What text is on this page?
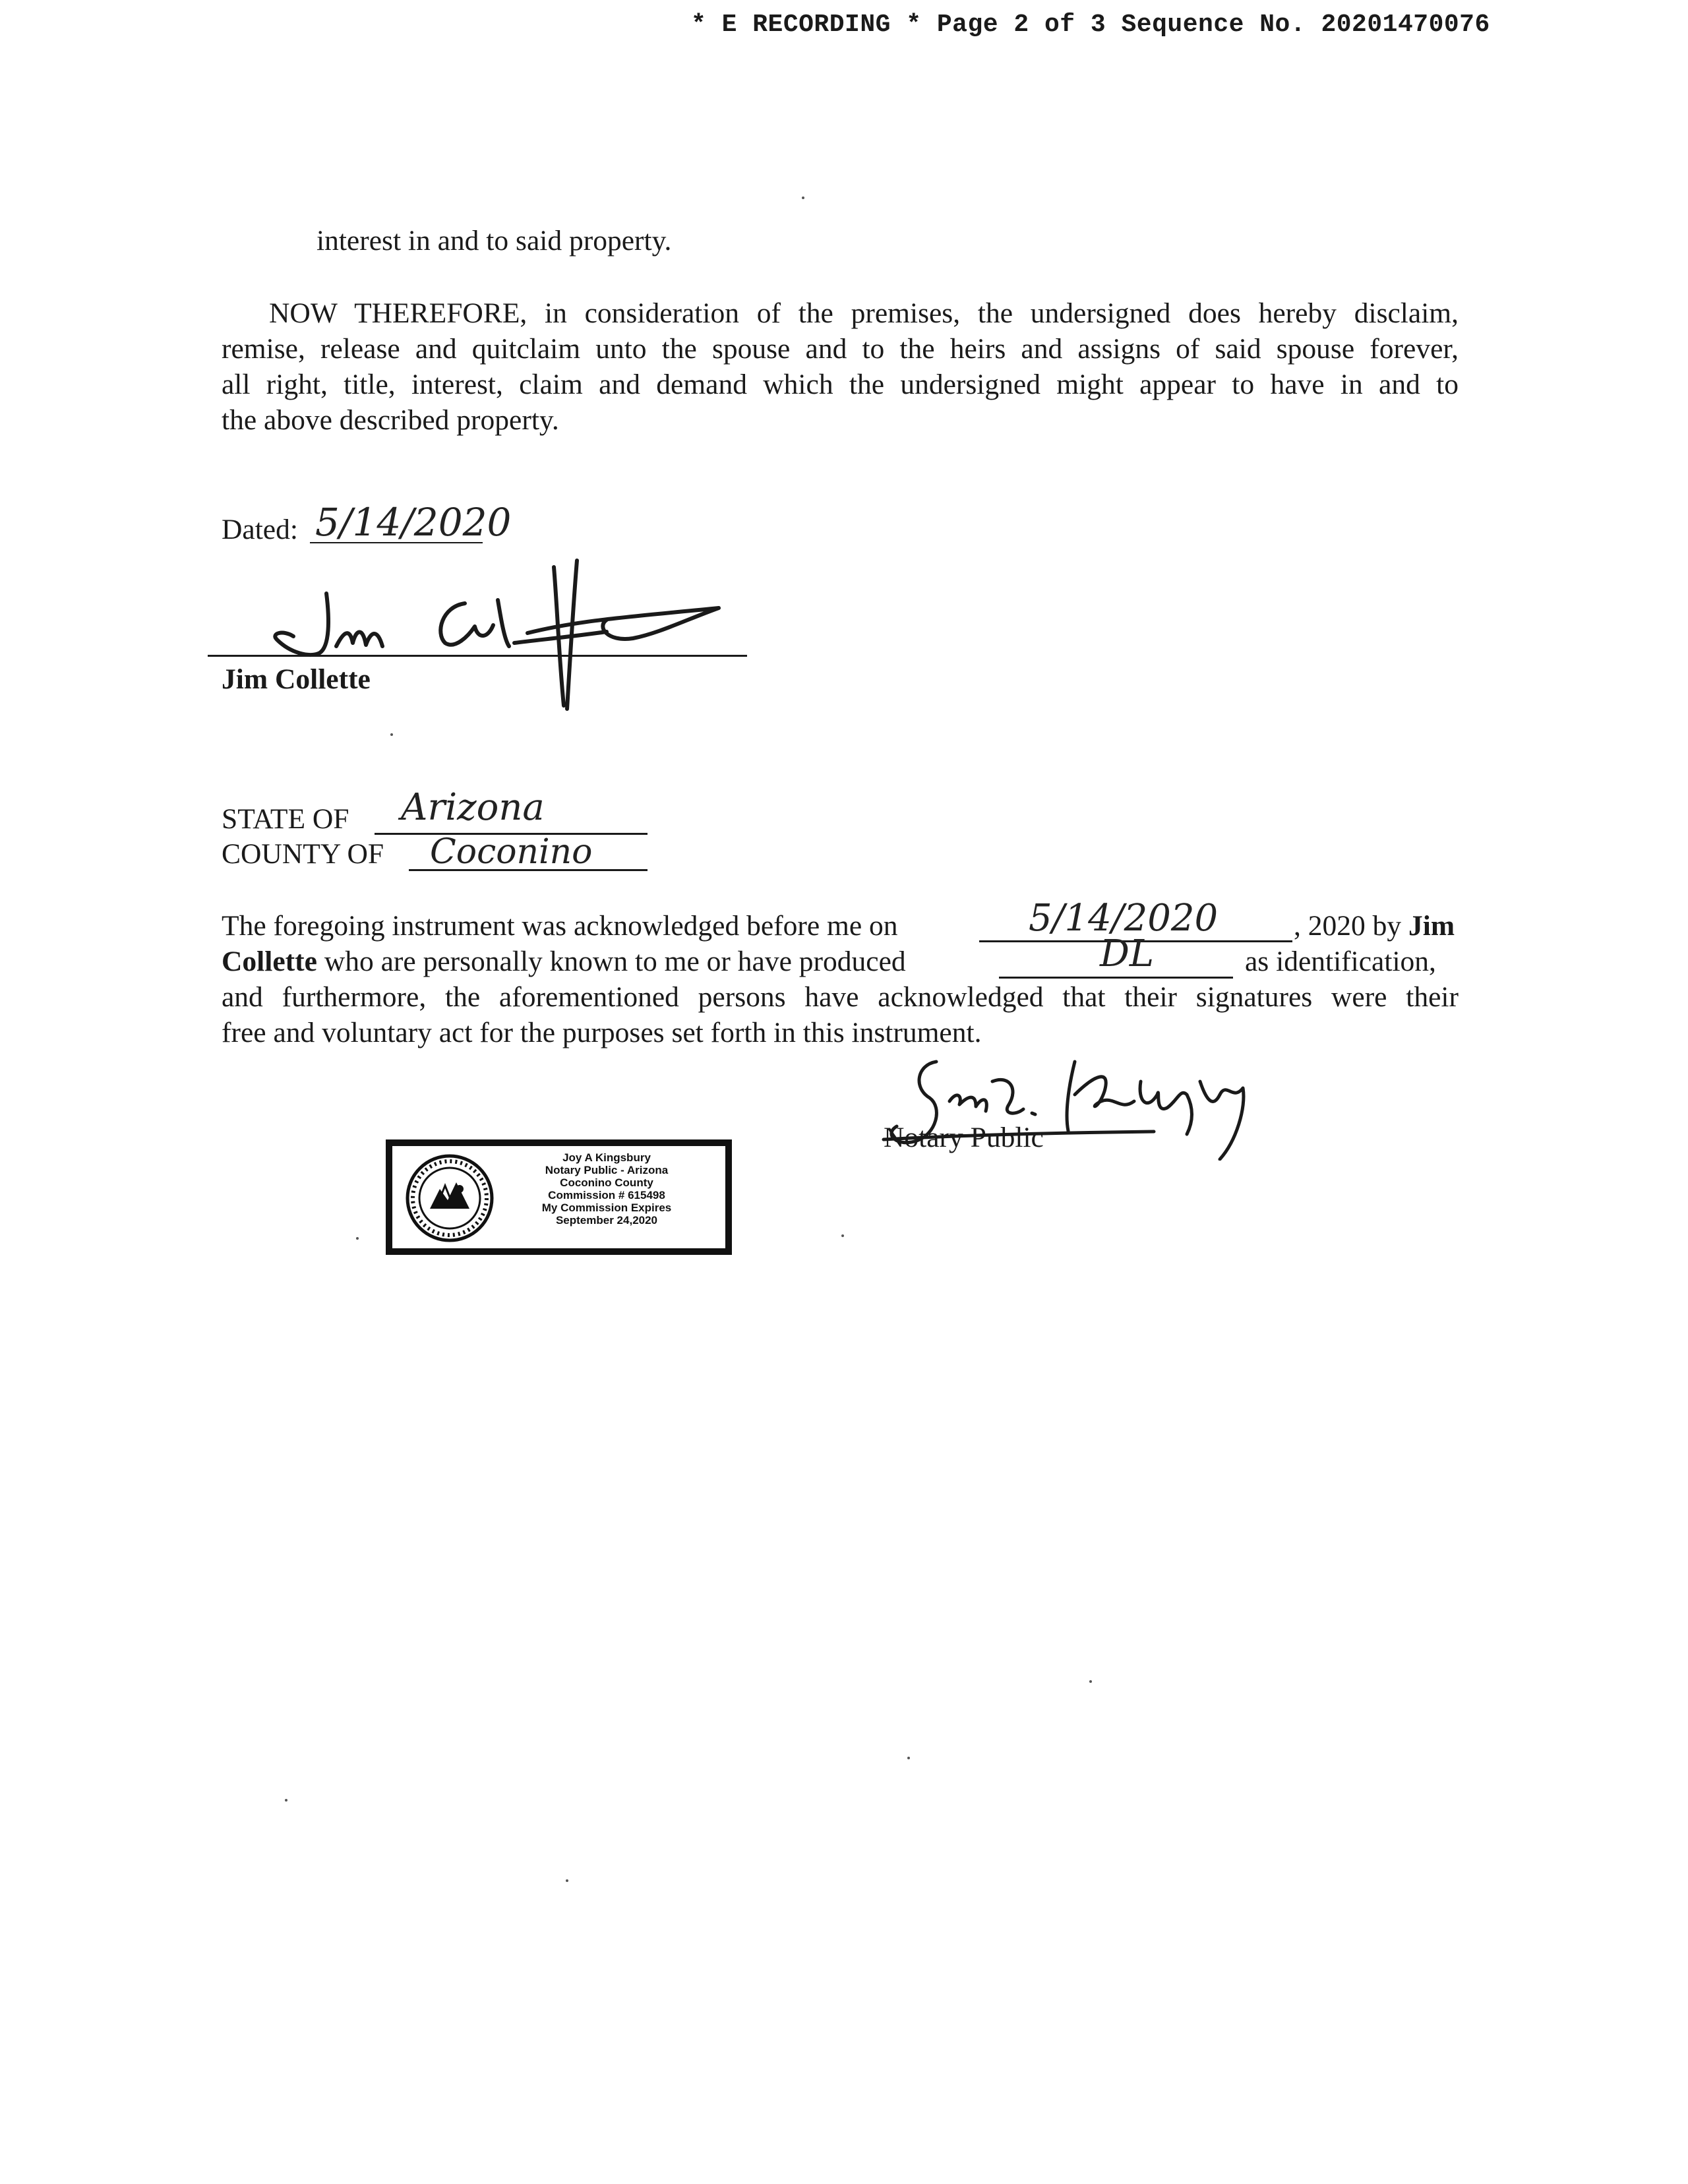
* E RECORDING * Page 2 of 3 Sequence No. 20201470076
interest in and to said property.

NOW THEREFORE, in consideration of the premises, the undersigned does hereby disclaim,

remise, release and quitclaim unto the spouse and to the heirs and assigns of said spouse forever,

all right, title, interest, claim and demand which the undersigned might appear to have in and to

the above described property.

Dated: 5/14/2020
Jim Collette
STATE OF Arizona
COUNTY OF Coconino
The foregoing instrument was acknowledged before me on	5/14/2020	, 2020 by Jim
Collette who are personally known to me or have produced	DL	as identification,

and furthermore, the aforementioned persons have acknowledged that their signatures were their

free and voluntary act for the purposes set forth in this instrument.

Notary Public
Joy A Kingsbury
Notary Public - Arizona
Coconino County
Commission # 615498
My Commission Expires
September 24,2020
